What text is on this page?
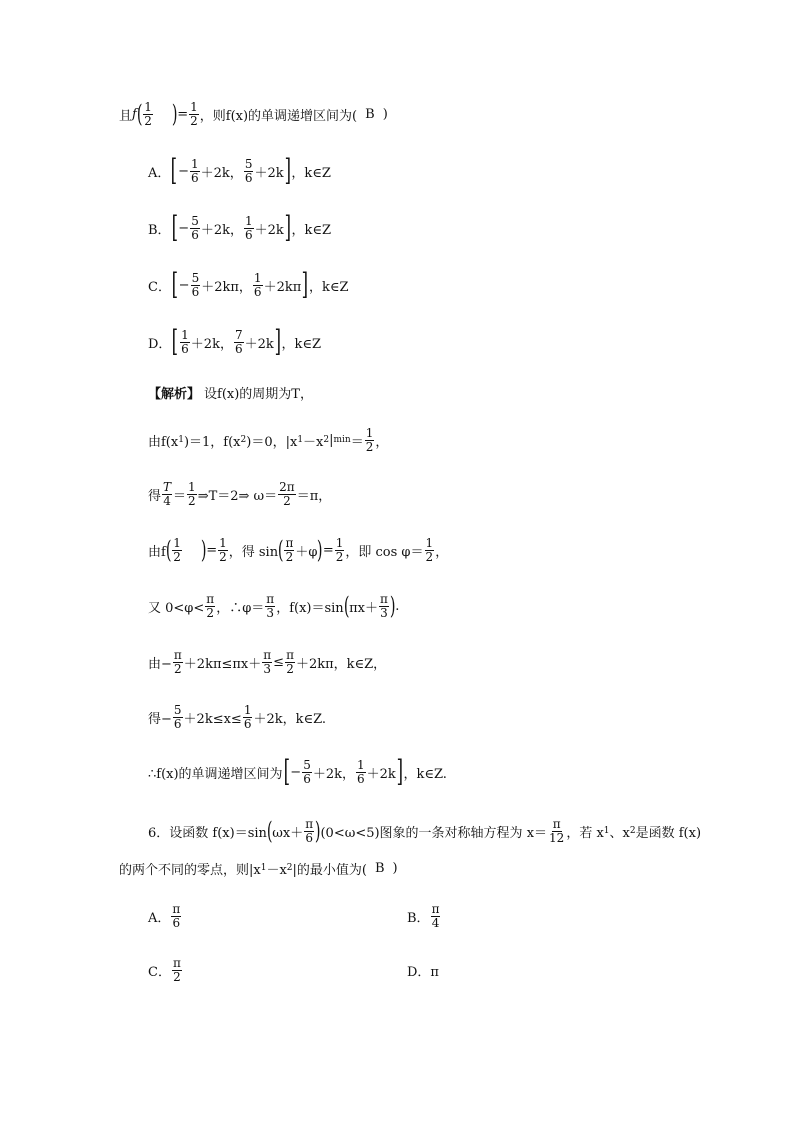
且 f ( 1
2 ) = $\frac{1}{2}$ ，则f(x)的单调递增区间为( B )
A． [ − $\frac{1}{6} +2k$，
5
6 ＋2k ] ，k∈Z
B． [ − $\frac{5}{6} +2k$，
1
6 ＋2k ] ，k∈Z
C． [ − $\frac{5}{6} +2k\pi$，
1
6 ＋2kπ ] ，k∈Z
D． [ 1
6 ＋2k，
7
6 ＋2k ] ，k∈Z
【解析】 设f(x)的周期为T，
由f(x 1 )＝1，f(x 2 )＝0，|x 1 －x 2 | min ＝
1
2 ，
得
T
4 ＝
1
2 ⇒T＝2⇒ ω＝
2π
2 ＝π，
由f ( 1
2 ) = $\frac{1}{2}$ ，得 sin ( π
2 ＋φ ) = $\frac{1}{2}$ ，即 cos φ＝
1
2 ，
又 0<φ<
π
2 ，∴φ＝
π
3 ，f(x)＝sin ( πx＋
π
3 ) .
由− $\frac{\pi}{2} +2k\pi\le\pi x+ \frac{\pi}{3} \le \frac{\pi}{2} +2k\pi$，k∈Z，
得− $\frac{5}{6} +2k\le x\le \frac{1}{6} +2k$，k∈Z.
∴f(x)的单调递增区间为 [ − $\frac{5}{6} +2k$，
1
6 ＋2k ] ，k∈Z.
6．设函数 f(x)＝sin ( ωx＋
π
6 ) (0<ω<5)图象的一条对称轴方程为 x＝
π
12 ，若 x 1 、x 2 是函数 f(x)
的两个不同的零点，则|x 1 －x 2 |的最小值为( B )
A．
π
6	B．
π
4
C．
π
2	D．π
